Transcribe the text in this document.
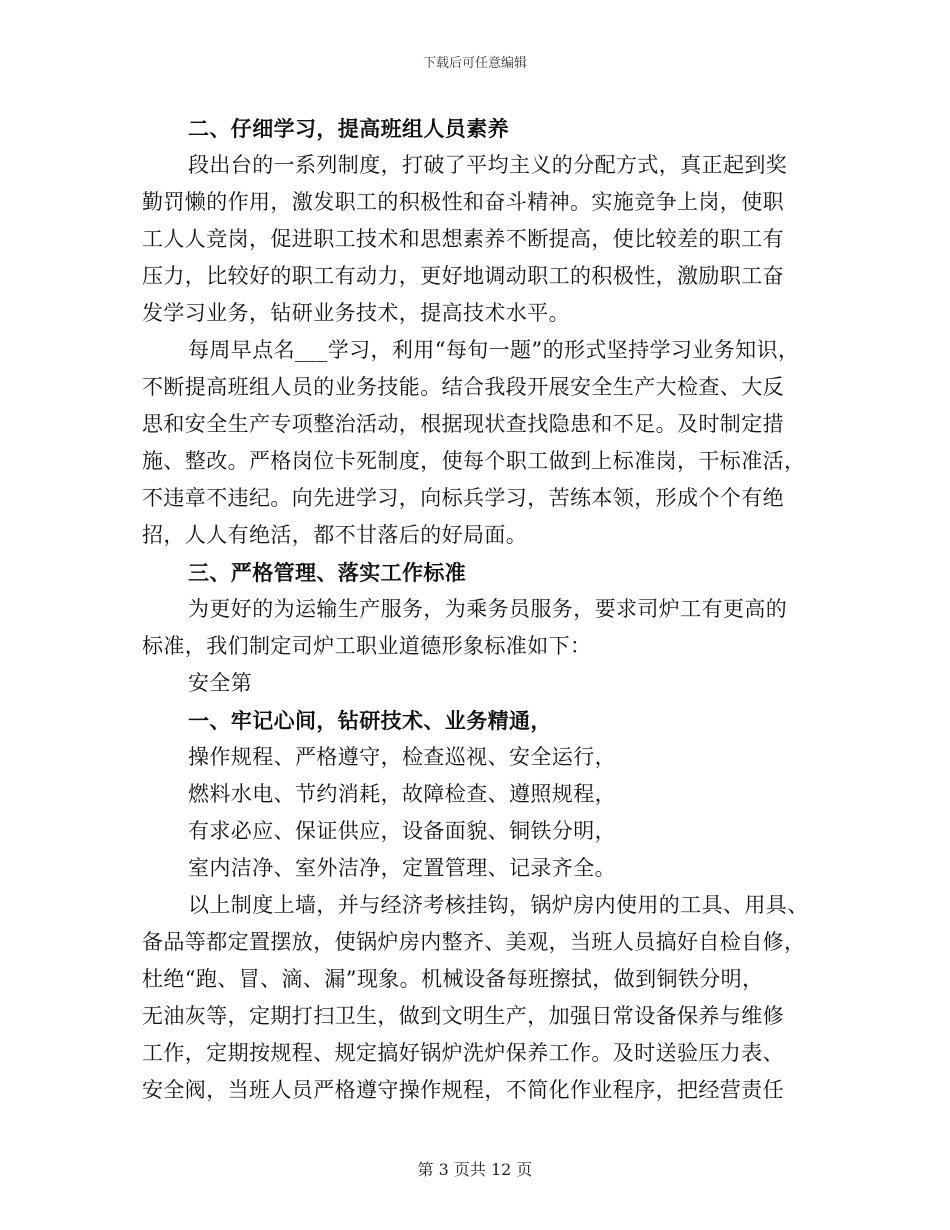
下载后可任意编辑
二、仔细学习，提高班组人员素养
段出台的一系列制度，打破了平均主义的分配方式，真正起到奖
勤罚懒的作用，激发职工的积极性和奋斗精神。实施竞争上岗，使职
工人人竞岗，促进职工技术和思想素养不断提高，使比较差的职工有
压力，比较好的职工有动力，更好地调动职工的积极性，激励职工奋
发学习业务，钻研业务技术，提高技术水平。
每周早点名___学习，利用“每旬一题”的形式坚持学习业务知识，
不断提高班组人员的业务技能。结合我段开展安全生产大检查、大反
思和安全生产专项整治活动，根据现状查找隐患和不足。及时制定措
施、整改。严格岗位卡死制度，使每个职工做到上标准岗，干标准活，
不违章不违纪。向先进学习，向标兵学习，苦练本领，形成个个有绝
招，人人有绝活，都不甘落后的好局面。
三、严格管理、落实工作标准
为更好的为运输生产服务，为乘务员服务，要求司炉工有更高的
标准，我们制定司炉工职业道德形象标准如下：
安全第
一、牢记心间，钻研技术、业务精通，
操作规程、严格遵守，检查巡视、安全运行，
燃料水电、节约消耗，故障检查、遵照规程，
有求必应、保证供应，设备面貌、铜铁分明，
室内洁净、室外洁净，定置管理、记录齐全。
以上制度上墙，并与经济考核挂钩，锅炉房内使用的工具、用具、
备品等都定置摆放，使锅炉房内整齐、美观，当班人员搞好自检自修，
杜绝“跑、冒、滴、漏”现象。机械设备每班擦拭，做到铜铁分明，
无油灰等，定期打扫卫生，做到文明生产，加强日常设备保养与维修
工作，定期按规程、规定搞好锅炉洗炉保养工作。及时送验压力表、
安全阀，当班人员严格遵守操作规程，不简化作业程序，把经营责任
第 3 页共 12 页
